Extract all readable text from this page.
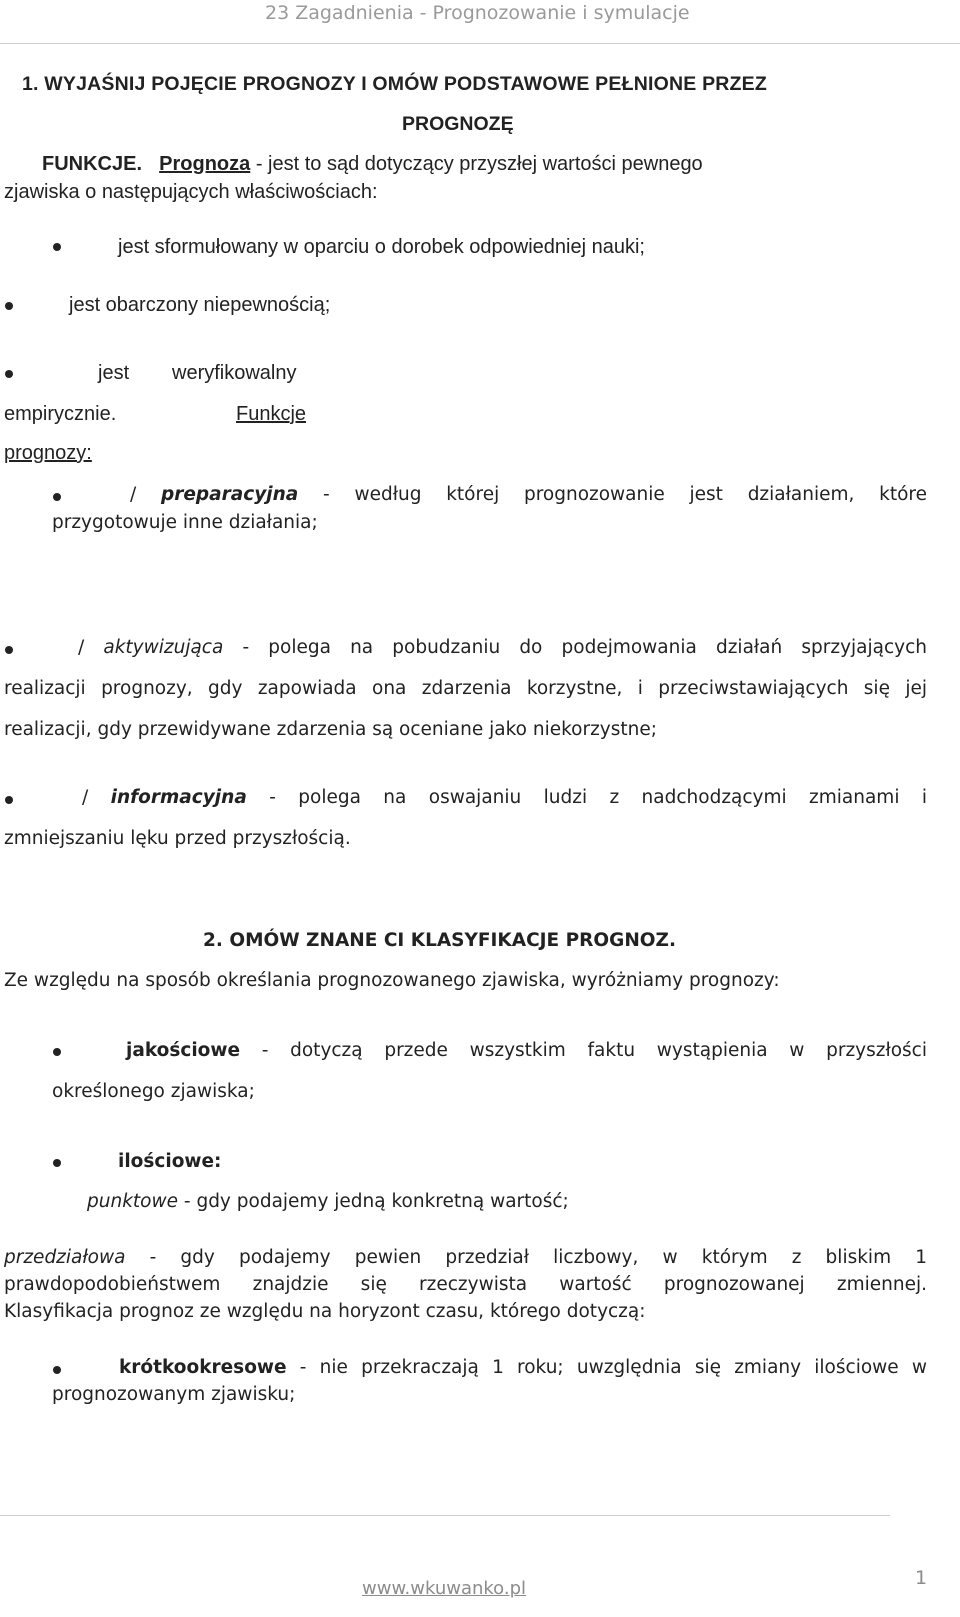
23 Zagadnienia - Prognozowanie i symulacje
1. WYJAŚNIJ POJĘCIE PROGNOZY I OMÓW PODSTAWOWE PEŁNIONE PRZEZ
PROGNOZĘ
FUNKCJE. Prognoza - jest to sąd dotyczący przyszłej wartości pewnego
zjawiska o następujących właściwościach:
jest sformułowany w oparciu o dorobek odpowiedniej nauki;
jest obarczony niepewnością;
jest weryfikowalny
empirycznie.	Funkcje
prognozy:
/ preparacyjna - według której prognozowanie jest działaniem, które
przygotowuje inne działania;
/ aktywizująca - polega na pobudzaniu do podejmowania działań sprzyjających
realizacji prognozy, gdy zapowiada ona zdarzenia korzystne, i przeciwstawiających się jej
realizacji, gdy przewidywane zdarzenia są oceniane jako niekorzystne;
/ informacyjna - polega na oswajaniu ludzi z nadchodzącymi zmianami i
zmniejszaniu lęku przed przyszłością.
2. OMÓW ZNANE CI KLASYFIKACJE PROGNOZ.
Ze względu na sposób określania prognozowanego zjawiska, wyróżniamy prognozy:
jakościowe - dotyczą przede wszystkim faktu wystąpienia w przyszłości
określonego zjawiska;
ilościowe:
punktowe - gdy podajemy jedną konkretną wartość;
przedziałowa - gdy podajemy pewien przedział liczbowy, w którym z bliskim 1
prawdopodobieństwem znajdzie się rzeczywista wartość prognozowanej zmiennej.
Klasyfikacja prognoz ze względu na horyzont czasu, którego dotyczą:
krótkookresowe - nie przekraczają 1 roku; uwzględnia się zmiany ilościowe w
prognozowanym zjawisku;
www.wkuwanko.pl	1
